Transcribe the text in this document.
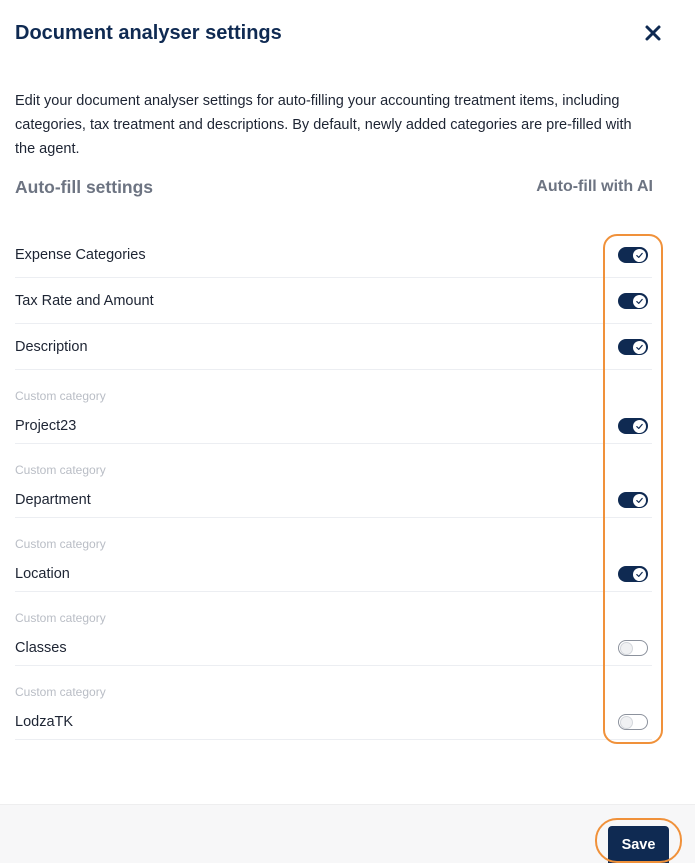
Document analyser settings

Edit your document analyser settings for auto-filling your accounting treatment items, including categories, tax treatment and descriptions. By default, newly added categories are pre-filled with the agent.

Auto-fill settings	Auto-fill with AI
Expense Categories
Tax Rate and Amount
Description
Custom category
Project23
Custom category
Department
Custom category
Location
Custom category
Classes
Custom category
LodzaTK
Save
